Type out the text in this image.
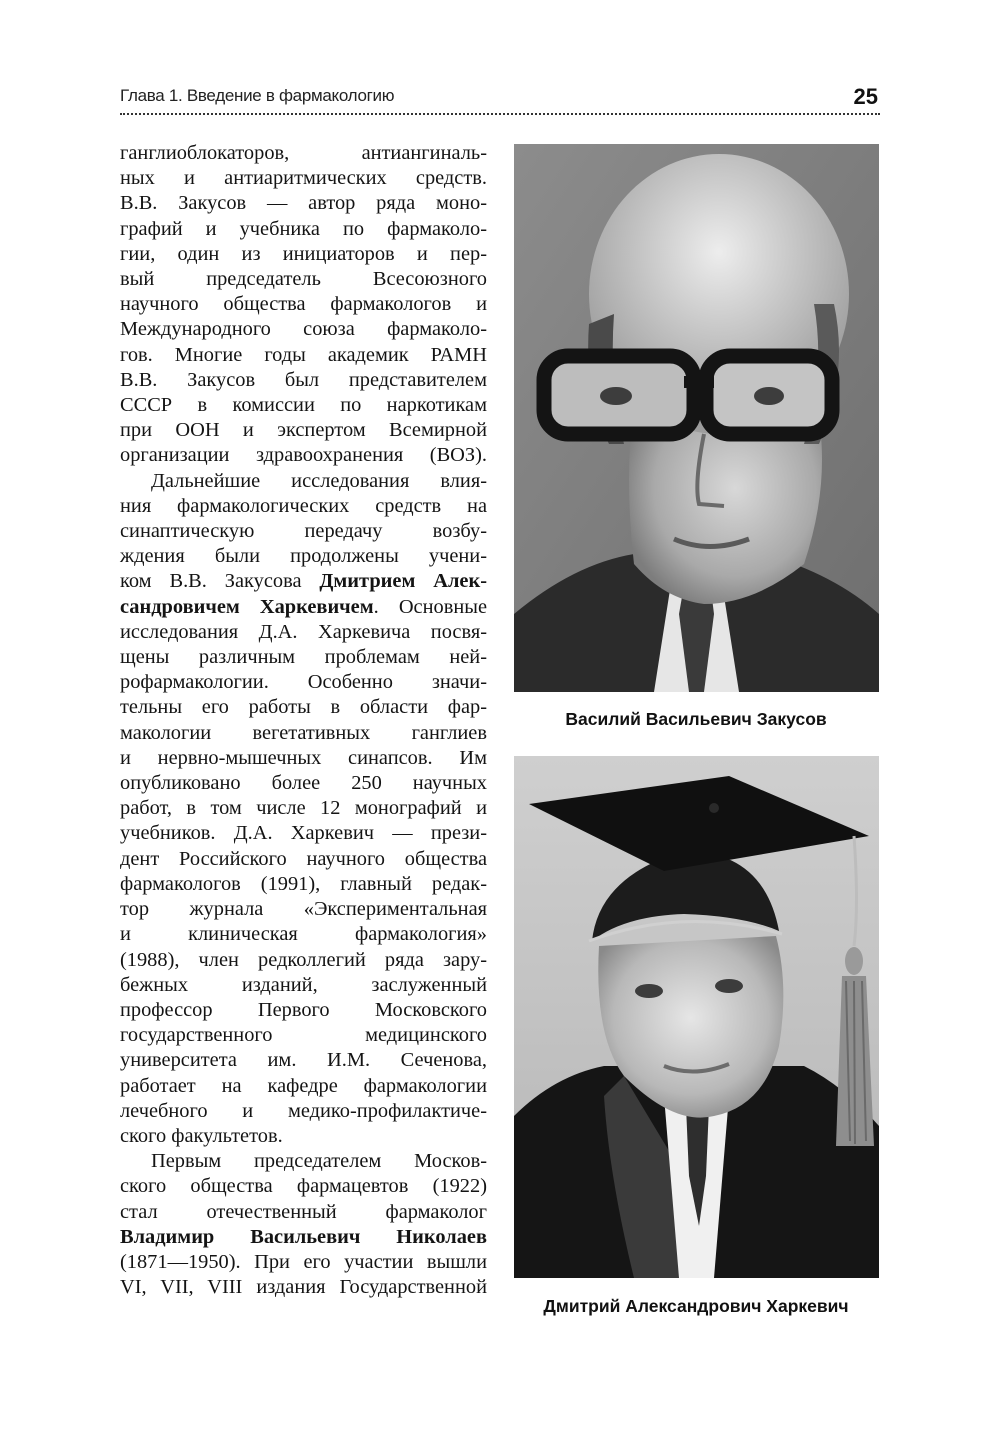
Глава 1. Введение в фармакологию	25

ганглиоблокаторов, антиангиналь-

ных и антиаритмических средств.

В.В. Закусов — автор ряда моно-

графий и учебника по фармаколо-

гии, один из инициаторов и пер-

вый председатель Всесоюзного

научного общества фармакологов и

Международного союза фармаколо-

гов. Многие годы академик РАМН

В.В. Закусов был представителем

СССР в комиссии по наркотикам

при ООН и экспертом Всемирной

организации здравоохранения (ВОЗ).

Дальнейшие исследования влия-

ния фармакологических средств на

синаптическую передачу возбу-

ждения были продолжены учени-

ком В.В. Закусова Дмитрием Алек-

сандровичем Харкевичем. Основные

исследования Д.А. Харкевича посвя-

щены различным проблемам ней-

рофармакологии. Особенно значи-

тельны его работы в области фар-

макологии вегетативных ганглиев

и нервно-мышечных синапсов. Им

опубликовано более 250 научных

работ, в том числе 12 монографий и

учебников. Д.А. Харкевич — прези-

дент Российского научного общества

фармакологов (1991), главный редак-

тор журнала «Экспериментальная

и клиническая фармакология»

(1988), член редколлегий ряда зару-

бежных изданий, заслуженный

профессор Первого Московского

государственного медицинского

университета им. И.М. Сеченова,

работает на кафедре фармакологии

лечебного и медико-профилактиче-

ского факультетов.

Первым председателем Москов-

ского общества фармацевтов (1922)

стал отечественный фармаколог

Владимир Васильевич Николаев

(1871—1950). При его участии вышли

VI, VII, VIII издания Государственной

Василий Васильевич Закусов
Дмитрий Александрович Харкевич
